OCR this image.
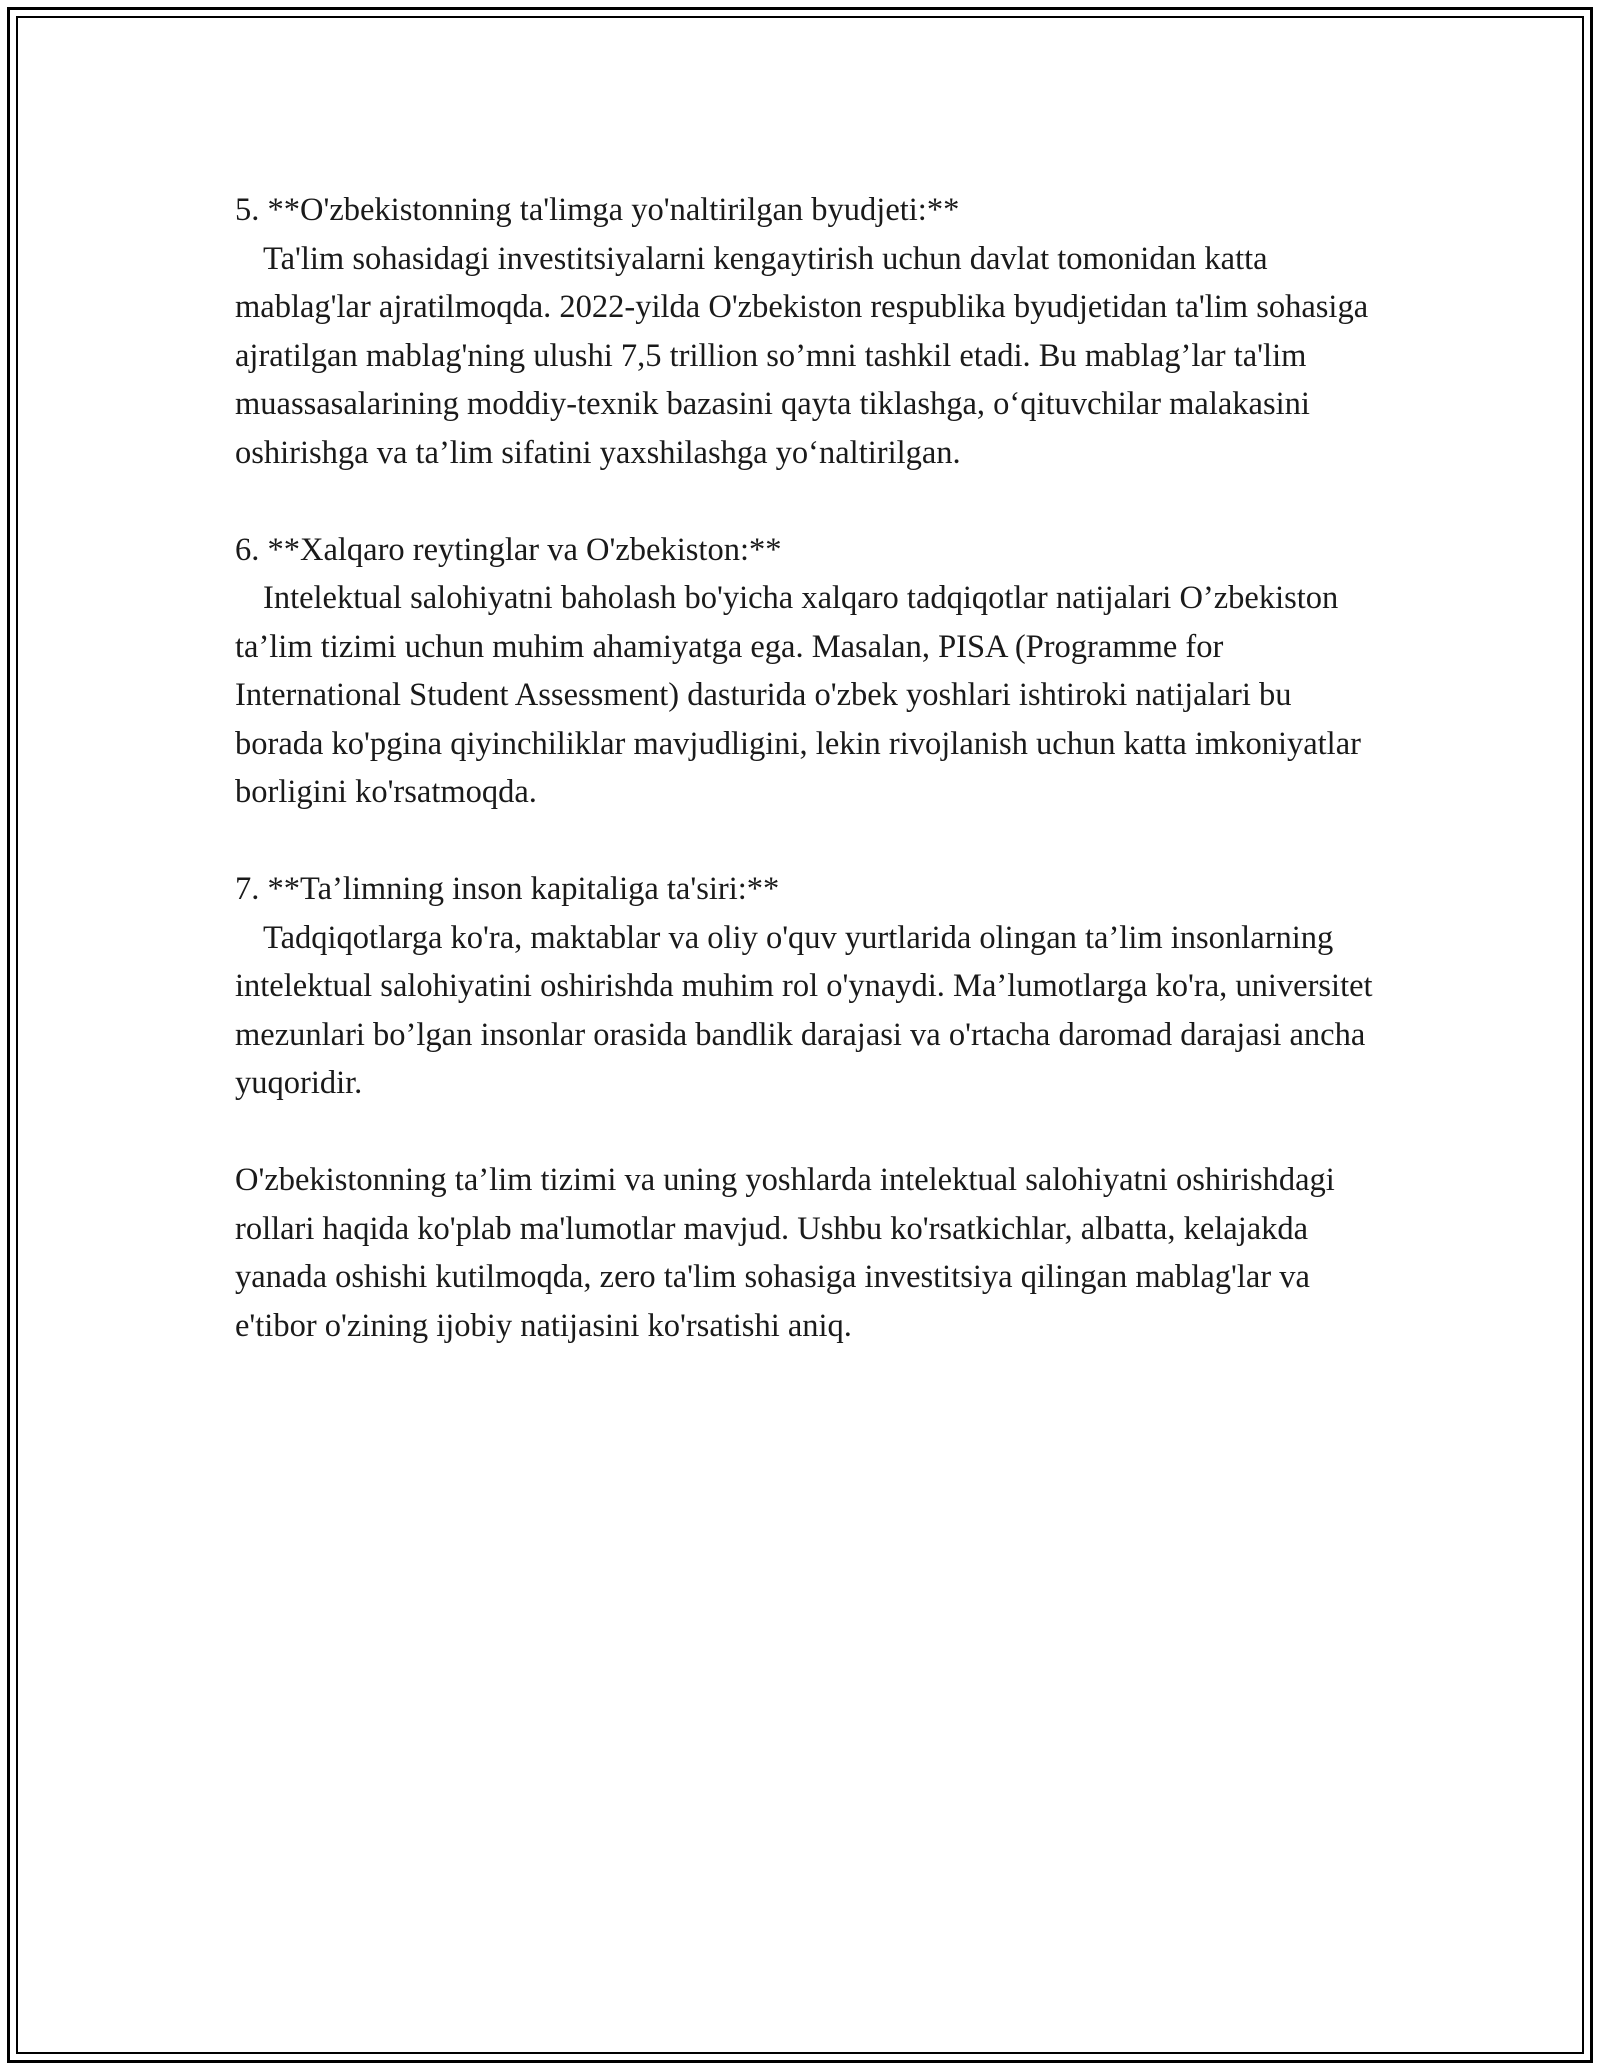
5. **O'zbekistonning ta'limga yo'naltirilgan byudjeti:**
Ta'lim sohasidagi investitsiyalarni kengaytirish uchun davlat tomonidan katta mablag'lar ajratilmoqda. 2022-yilda O'zbekiston respublika byudjetidan ta'lim sohasiga ajratilgan mablag'ning ulushi 7,5 trillion so’mni tashkil etadi. Bu mablag’lar ta'lim muassasalarining moddiy-texnik bazasini qayta tiklashga, o‘qituvchilar malakasini oshirishga va ta’lim sifatini yaxshilashga yo‘naltirilgan.
6. **Xalqaro reytinglar va O'zbekiston:**
Intelektual salohiyatni baholash bo'yicha xalqaro tadqiqotlar natijalari O’zbekiston ta’lim tizimi uchun muhim ahamiyatga ega. Masalan, PISA (Programme for International Student Assessment) dasturida o'zbek yoshlari ishtiroki natijalari bu borada ko'pgina qiyinchiliklar mavjudligini, lekin rivojlanish uchun katta imkoniyatlar borligini ko'rsatmoqda.
7. **Ta’limning inson kapitaliga ta'siri:**
Tadqiqotlarga ko'ra, maktablar va oliy o'quv yurtlarida olingan ta’lim insonlarning intelektual salohiyatini oshirishda muhim rol o'ynaydi. Ma’lumotlarga ko'ra, universitet mezunlari bo’lgan insonlar orasida bandlik darajasi va o'rtacha daromad darajasi ancha yuqoridir.

O'zbekistonning ta’lim tizimi va uning yoshlarda intelektual salohiyatni oshirishdagi rollari haqida ko'plab ma'lumotlar mavjud. Ushbu ko'rsatkichlar, albatta, kelajakda yanada oshishi kutilmoqda, zero ta'lim sohasiga investitsiya qilingan mablag'lar va e'tibor o'zining ijobiy natijasini ko'rsatishi aniq.
